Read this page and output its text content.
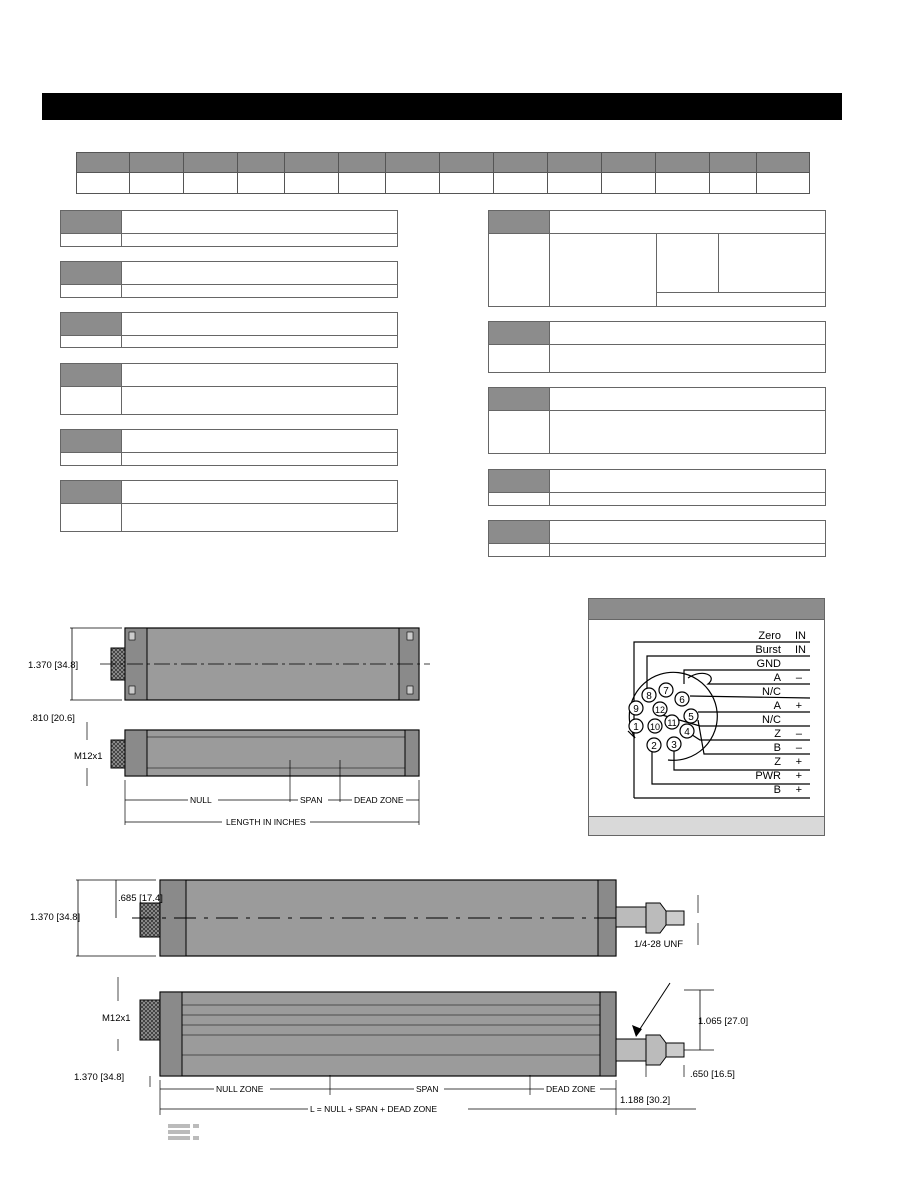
1
2 3
4
5
6
7
8
9
10 11
12
Zero IN
Burst IN
GND
A –
N/C
A +
N/C
Z –
B –
Z +
PWR +
B +
1.370 [34.8]
.810 [20.6]
M12x1
NULL	SPAN	DEAD ZONE
LENGTH IN INCHES
.685 [17.4]
1.370 [34.8]
1/4-28 UNF
M12x1	1.065 [27.0]
.650 [16.5]
1.370 [34.8]
NULL ZONE	SPAN	DEAD ZONE
L = NULL + SPAN + DEAD ZONE
1.188 [30.2]
